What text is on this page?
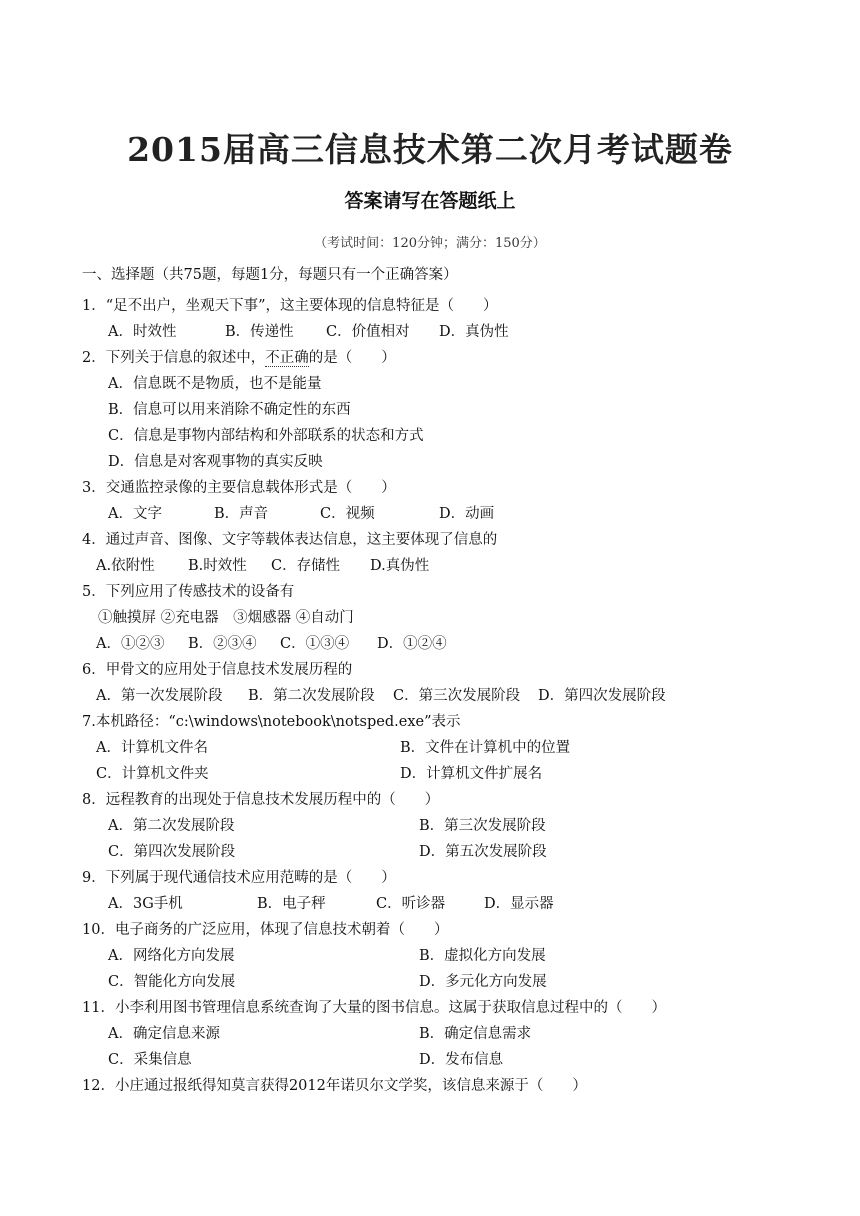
2015届高三信息技术第二次月考试题卷
答案请写在答题纸上
（考试时间：120分钟；满分：150分）
一、选择题（共75题，每题1分，每题只有一个正确答案）
1．“足不出户，坐观天下事”，这主要体现的信息特征是（　　）
A．时效性	B．传递性 C．价值相对 D．真伪性
2．下列关于信息的叙述中，不正确的是（　　）
A．信息既不是物质，也不是能量
B．信息可以用来消除不确定性的东西
C．信息是事物内部结构和外部联系的状态和方式
D．信息是对客观事物的真实反映
3．交通监控录像的主要信息载体形式是（　　）
A．文字	B．声音	C．视频	D．动画
4．通过声音、图像、文字等载体表达信息，这主要体现了信息的
A.依附性 B.时效性 C．存储性 D.真伪性
5．下列应用了传感技术的设备有
①触摸屏 ②充电器　③烟感器 ④自动门
A．①②③ B．②③④ C．①③④ D．①②④
6．甲骨文的应用处于信息技术发展历程的
A．第一次发展阶段 B．第二次发展阶段 C．第三次发展阶段 D．第四次发展阶段
7.本机路径：“c:\windows\notebook\notsped.exe”表示
A．计算机文件名	B．文件在计算机中的位置
C．计算机文件夹	D．计算机文件扩展名
8．远程教育的出现处于信息技术发展历程中的（　　）
A．第二次发展阶段	B．第三次发展阶段
C．第四次发展阶段	D．第五次发展阶段
9．下列属于现代通信技术应用范畴的是（　　）
A．3G手机	B．电子秤	C．听诊器	D．显示器
10．电子商务的广泛应用，体现了信息技术朝着（　　）
A．网络化方向发展	B．虚拟化方向发展
C．智能化方向发展	D．多元化方向发展
11．小李利用图书管理信息系统查询了大量的图书信息。这属于获取信息过程中的（　　）
A．确定信息来源	B．确定信息需求
C．采集信息	D．发布信息
12．小庄通过报纸得知莫言获得2012年诺贝尔文学奖，该信息来源于（　　）
